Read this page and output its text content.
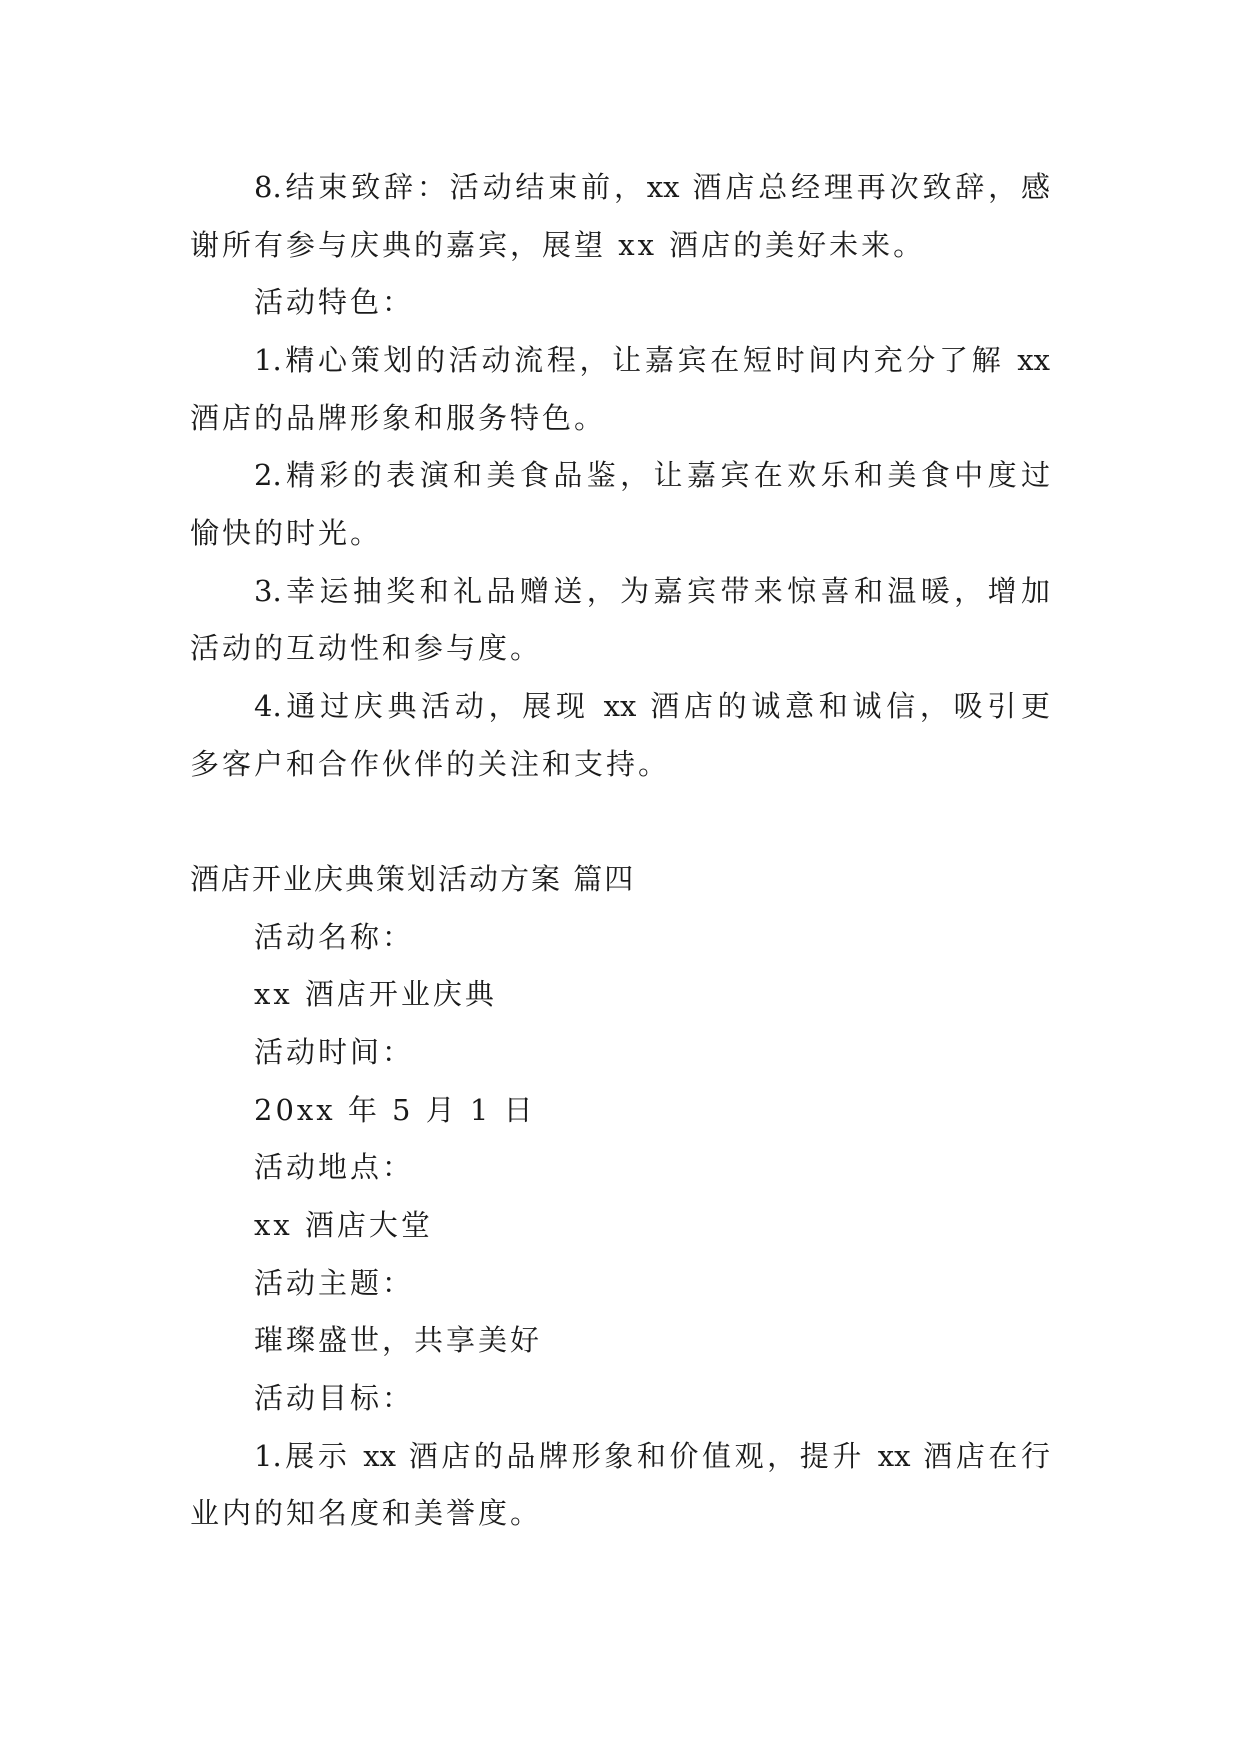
8.结束致辞：活动结束前，xx 酒店总经理再次致辞，感
谢所有参与庆典的嘉宾，展望 xx 酒店的美好未来。
活动特色：
1.精心策划的活动流程，让嘉宾在短时间内充分了解 xx
酒店的品牌形象和服务特色。
2.精彩的表演和美食品鉴，让嘉宾在欢乐和美食中度过
愉快的时光。
3.幸运抽奖和礼品赠送，为嘉宾带来惊喜和温暖，增加
活动的互动性和参与度。
4.通过庆典活动，展现 xx 酒店的诚意和诚信，吸引更
多客户和合作伙伴的关注和支持。
酒店开业庆典策划活动方案 篇四
活动名称：
xx 酒店开业庆典
活动时间：
20xx 年 5 月 1 日
活动地点：
xx 酒店大堂
活动主题：
璀璨盛世，共享美好
活动目标：
1.展示 xx 酒店的品牌形象和价值观，提升 xx 酒店在行
业内的知名度和美誉度。
